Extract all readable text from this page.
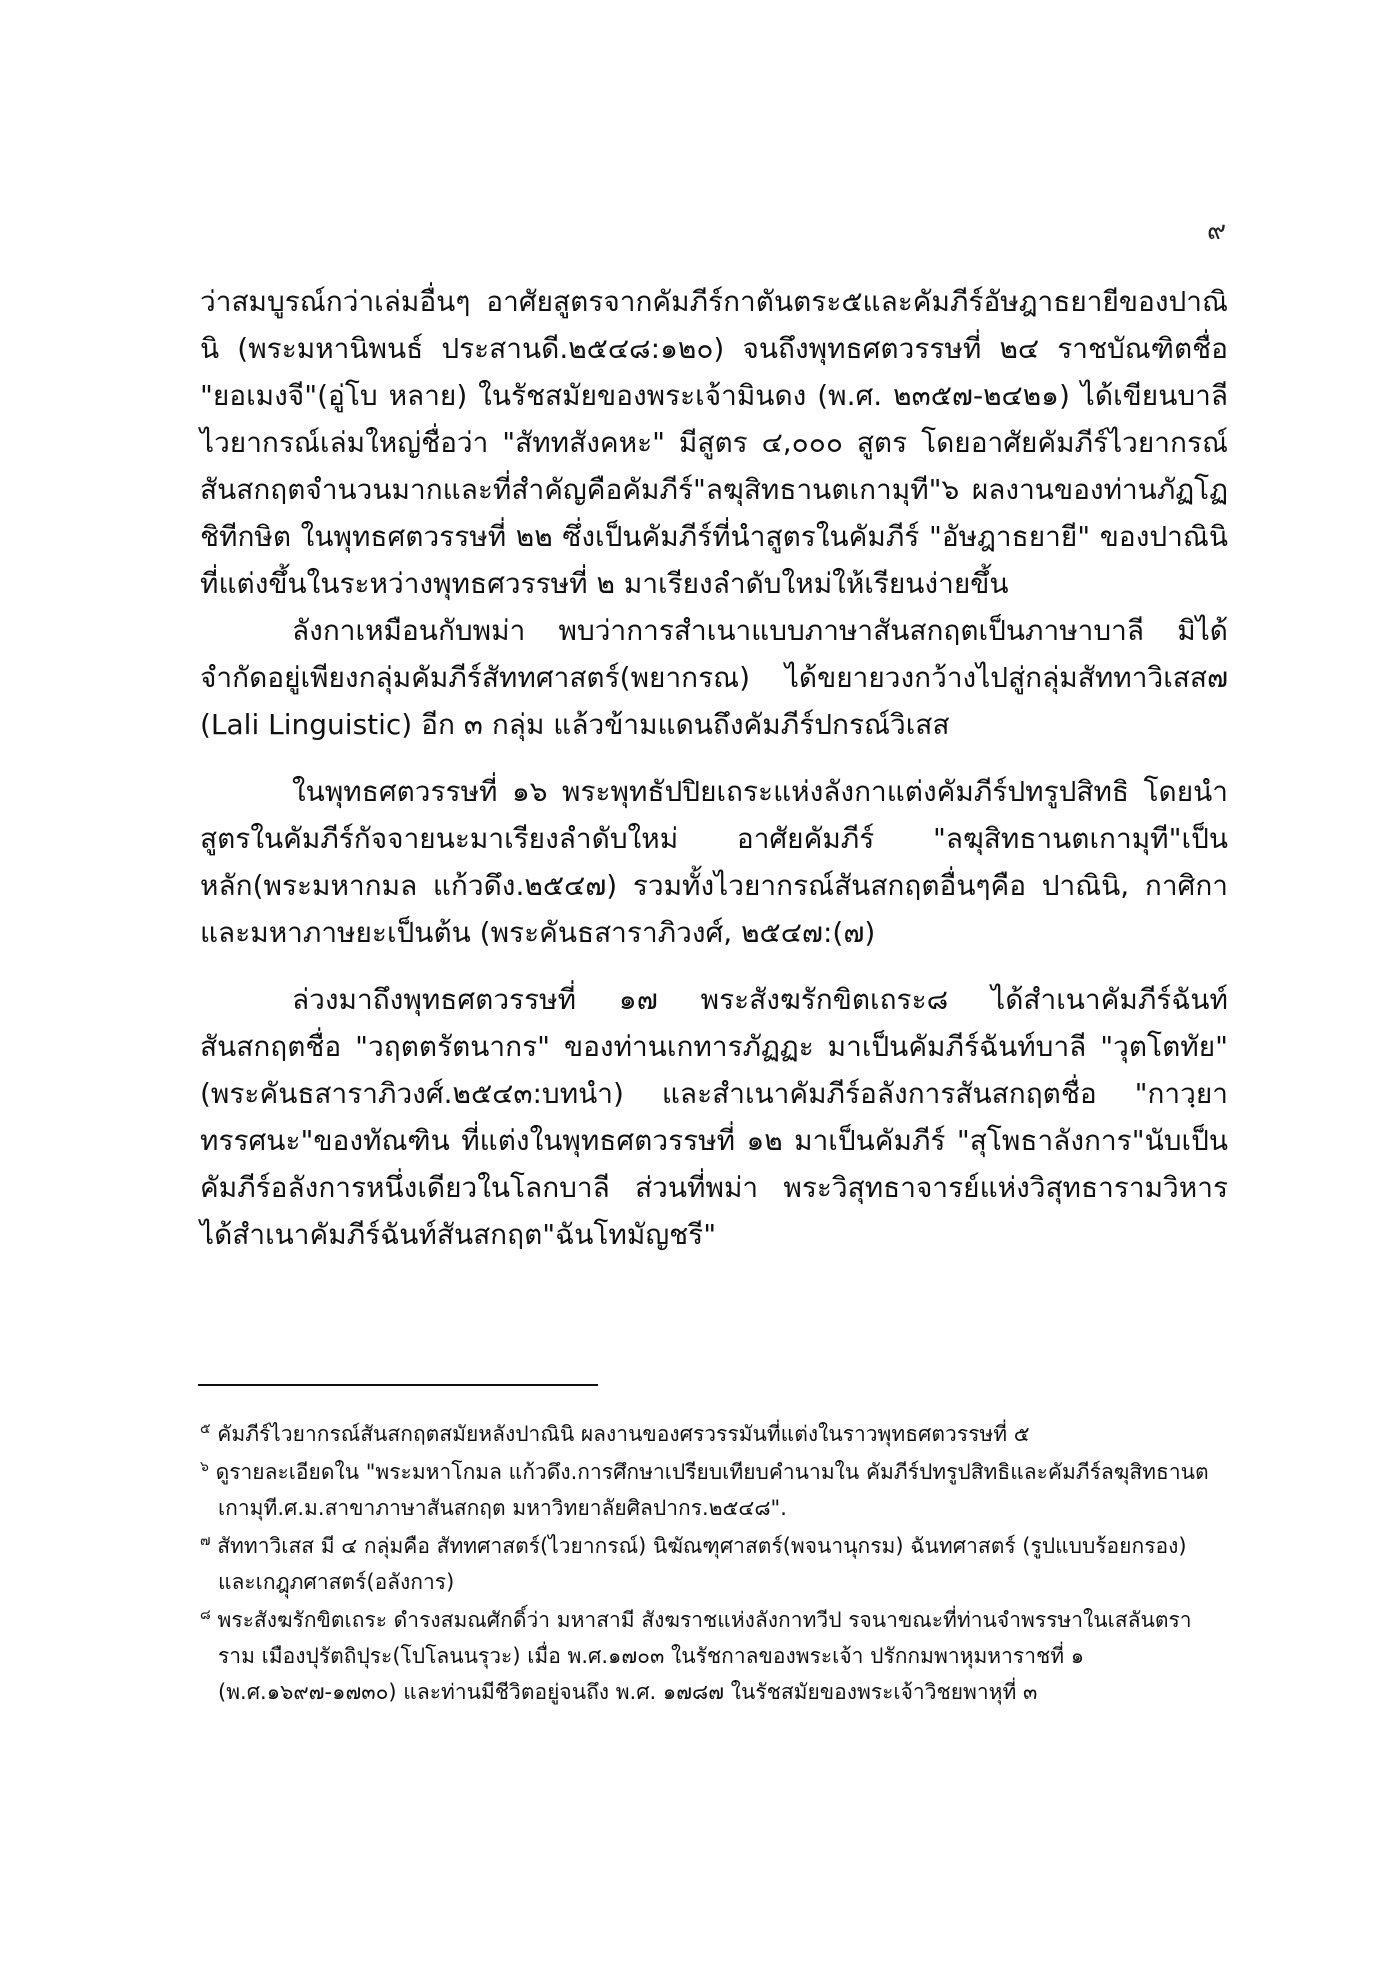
๙

ว่าสมบูรณ์กว่าเล่มอื่นๆ อาศัยสูตรจากคัมภีร์กาตันตระ๕และคัมภีร์อัษฎาธยายีของปาณินิ (พระมหานิพนธ์ ประสานดี.๒๕๔๘:๑๒๐) จนถึงพุทธศตวรรษที่ ๒๔ ราชบัณฑิตชื่อ "ยอเมงจี"(อู่โบ หลาย) ในรัชสมัยของพระเจ้ามินดง (พ.ศ. ๒๓๕๗-๒๔๒๑) ได้เขียนบาลีไวยากรณ์เล่มใหญ่ชื่อว่า "สัททสังคหะ" มีสูตร ๔,๐๐๐ สูตร โดยอาศัยคัมภีร์ไวยากรณ์สันสกฤตจำนวนมากและที่สำคัญคือคัมภีร์"ลฆุสิทธานตเกามุที"๖ ผลงานของท่านภัฏโฏชิทีกษิต ในพุทธศตวรรษที่ ๒๒ ซึ่งเป็นคัมภีร์ที่นำสูตรในคัมภีร์ "อัษฎาธยายี" ของปาณินิที่แต่งขึ้นในระหว่างพุทธศวรรษที่ ๒ มาเรียงลำดับใหม่ให้เรียนง่ายขึ้น

ลังกาเหมือนกับพม่า พบว่าการสำเนาแบบภาษาสันสกฤตเป็นภาษาบาลี มิได้จำกัดอยู่เพียงกลุ่มคัมภีร์สัททศาสตร์(พยากรณ) ได้ขยายวงกว้างไปสู่กลุ่มสัททาวิเสส๗ (Lali Linguistic) อีก ๓ กลุ่ม แล้วข้ามแดนถึงคัมภีร์ปกรณ์วิเสส

ในพุทธศตวรรษที่ ๑๖ พระพุทธัปปิยเถระแห่งลังกาแต่งคัมภีร์ปทรูปสิทธิ โดยนำสูตรในคัมภีร์กัจจายนะมาเรียงลำดับใหม่ อาศัยคัมภีร์ "ลฆุสิทธานตเกามุที"เป็นหลัก(พระมหากมล แก้วดึง.๒๕๔๗) รวมทั้งไวยากรณ์สันสกฤตอื่นๆคือ ปาณินิ, กาศิกา และมหาภาษยะเป็นต้น (พระคันธสาราภิวงศ์, ๒๕๔๗:(๗)

ล่วงมาถึงพุทธศตวรรษที่ ๑๗ พระสังฆรักขิตเถระ๘ ได้สำเนาคัมภีร์ฉันท์สันสกฤตชื่อ "วฤตตรัตนากร" ของท่านเกทารภัฏฏะ มาเป็นคัมภีร์ฉันท์บาลี "วุตโตทัย" (พระคันธสาราภิวงศ์.๒๕๔๓:บทนำ) และสำเนาคัมภีร์อลังการสันสกฤตชื่อ "กาวฺยาทรรศนะ"ของทัณฑิน ที่แต่งในพุทธศตวรรษที่ ๑๒ มาเป็นคัมภีร์ "สุโพธาลังการ"นับเป็นคัมภีร์อลังการหนึ่งเดียวในโลกบาลี ส่วนที่พม่า พระวิสุทธาจารย์แห่งวิสุทธารามวิหาร ได้สำเนาคัมภีร์ฉันท์สันสกฤต"ฉันโทมัญชรี"

$^๕$ คัมภีร์ไวยากรณ์สันสกฤตสมัยหลังปาณินิ ผลงานของศรวรรมันที่แต่งในราวพุทธศตวรรษที่ ๕

$^๖$ ดูรายละเอียดใน "พระมหาโกมล แก้วดึง.การศึกษาเปรียบเทียบคำนามใน คัมภีร์ปทรูปสิทธิและคัมภีร์ลฆุสิทธานตเกามุที.ศ.ม.สาขาภาษาสันสกฤต มหาวิทยาลัยศิลปากร.๒๕๔๘".

$^๗$ สัททาวิเสส มี ๔ กลุ่มคือ สัททศาสตร์(ไวยากรณ์) นิฆัณฑุศาสตร์(พจนานุกรม) ฉันทศาสตร์ (รูปแบบร้อยกรอง) และเกฎุภศาสตร์(อลังการ)

$^๘$ พระสังฆรักขิตเถระ ดำรงสมณศักดิ์ว่า มหาสามี สังฆราชแห่งลังกาทวีป รจนาขณะที่ท่านจำพรรษาในเสลันตราราม เมืองปุรัตถิปุระ(โปโลนนรุวะ) เมื่อ พ.ศ.๑๗๐๓ ในรัชกาลของพระเจ้า ปรักกมพาหุมหาราชที่ ๑ (พ.ศ.๑๖๙๗-๑๗๓๐) และท่านมีชีวิตอยู่จนถึง พ.ศ. ๑๗๘๗ ในรัชสมัยของพระเจ้าวิชยพาหุที่ ๓
